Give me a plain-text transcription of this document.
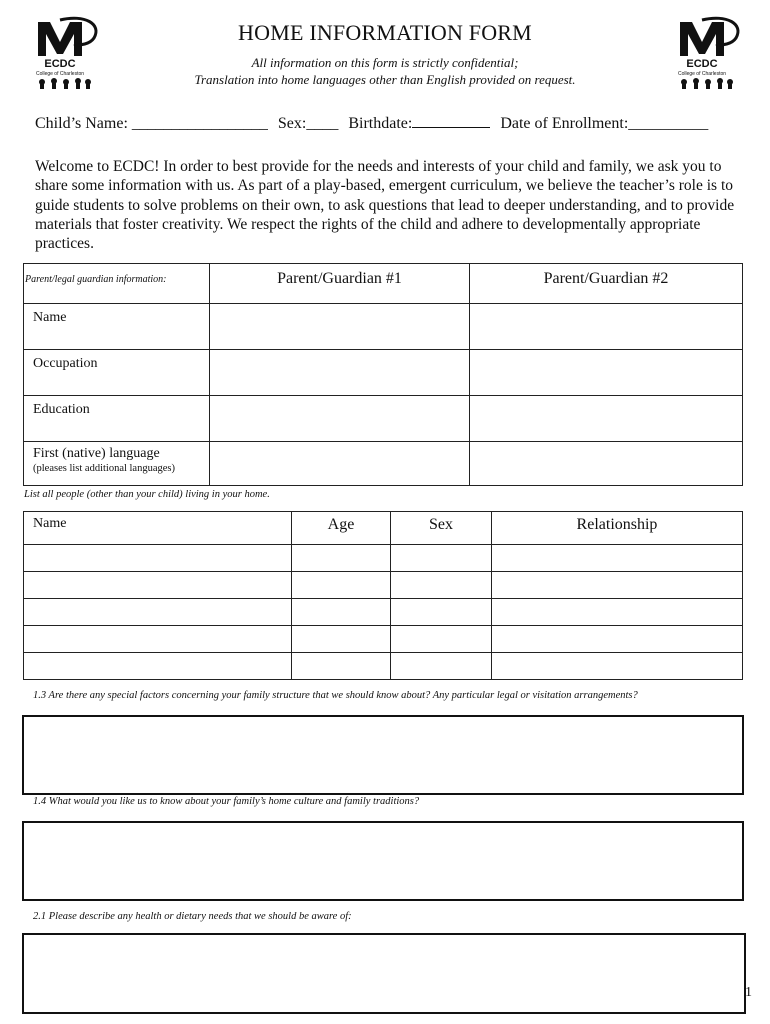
ECDC
College of Charleston
ECDC
College of Charleston
HOME INFORMATION FORM
All information on this form is strictly confidential;
Translation into home languages other than English provided on request.
Child’s Name: _________________ Sex:____ Birthdate:	Date of Enrollment:__________
Welcome to ECDC! In order to best provide for the needs and interests of your child and family, we ask you to share some information with us. As part of a play-based, emergent curriculum, we believe the teacher’s role is to guide students to solve problems on their own, to ask questions that lead to deeper understanding, and to provide materials that foster creativity. We respect the rights of the child and adhere to developmentally appropriate practices.
Parent/legal guardian information:	Parent/Guardian #1	Parent/Guardian #2
Name		
Occupation		
Education		
First (native) language
(pleases list additional languages)		

List all people (other than your child) living in your home.
Name	Age	Sex	Relationship

1.3 Are there any special factors concerning your family structure that we should know about? Any particular legal or visitation arrangements?
1.4 What would you like us to know about your family’s home culture and family traditions?
2.1 Please describe any health or dietary needs that we should be aware of:
1
